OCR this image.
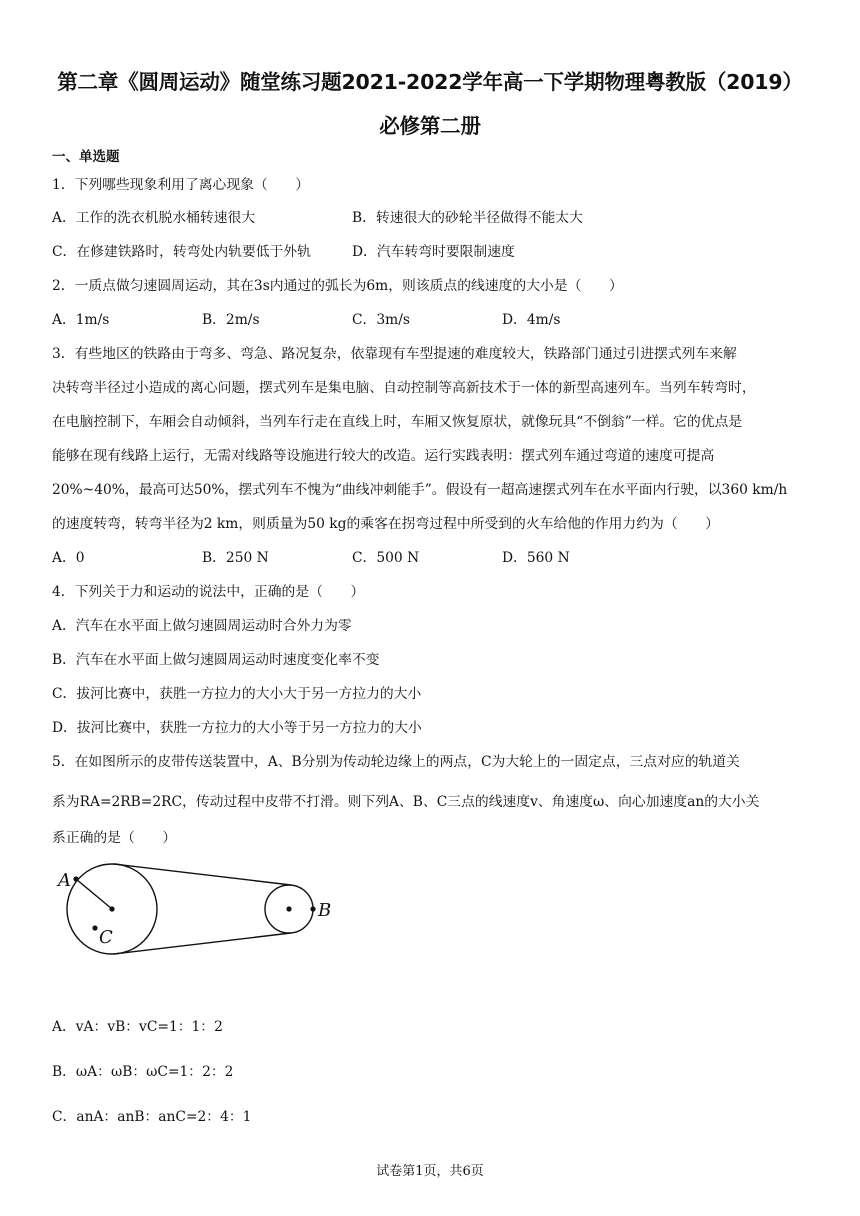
第二章《圆周运动》随堂练习题2021-2022学年高一下学期物理粤教版（2019）
必修第二册
一、单选题
1．下列哪些现象利用了离心现象（　　）
A．工作的洗衣机脱水桶转速很大	B．转速很大的砂轮半径做得不能太大
C．在修建铁路时，转弯处内轨要低于外轨	D．汽车转弯时要限制速度
2．一质点做匀速圆周运动，其在3s内通过的弧长为6m，则该质点的线速度的大小是（　　）
A．1m/s	B．2m/s	C．3m/s	D．4m/s
3．有些地区的铁路由于弯多、弯急、路况复杂，依靠现有车型提速的难度较大，铁路部门通过引进摆式列车来解
决转弯半径过小造成的离心问题，摆式列车是集电脑、自动控制等高新技术于一体的新型高速列车。当列车转弯时，
在电脑控制下，车厢会自动倾斜，当列车行走在直线上时，车厢又恢复原状，就像玩具“不倒翁”一样。它的优点是
能够在现有线路上运行，无需对线路等设施进行较大的改造。运行实践表明：摆式列车通过弯道的速度可提高
20%~40%，最高可达50%，摆式列车不愧为“曲线冲刺能手”。假设有一超高速摆式列车在水平面内行驶，以360 km/h
的速度转弯，转弯半径为2 km，则质量为50 kg的乘客在拐弯过程中所受到的火车给他的作用力约为（　　）
A．0	B．250 N	C．500 N	D．560 N
4．下列关于力和运动的说法中，正确的是（　　）
A．汽车在水平面上做匀速圆周运动时合外力为零
B．汽车在水平面上做匀速圆周运动时速度变化率不变
C．拔河比赛中，获胜一方拉力的大小大于另一方拉力的大小
D．拔河比赛中，获胜一方拉力的大小等于另一方拉力的大小
5．在如图所示的皮带传送装置中，A、B分别为传动轮边缘上的两点，C为大轮上的一固定点，三点对应的轨道关
系为RA=2RB=2RC，传动过程中皮带不打滑。则下列A、B、C三点的线速度v、角速度ω、向心加速度an的大小关
系正确的是（　　）
A
B
C
A．vA：vB：vC=1：1：2
B．ωA：ωB：ωC=1：2：2
C．anA：anB：anC=2：4：1
试卷第1页，共6页
